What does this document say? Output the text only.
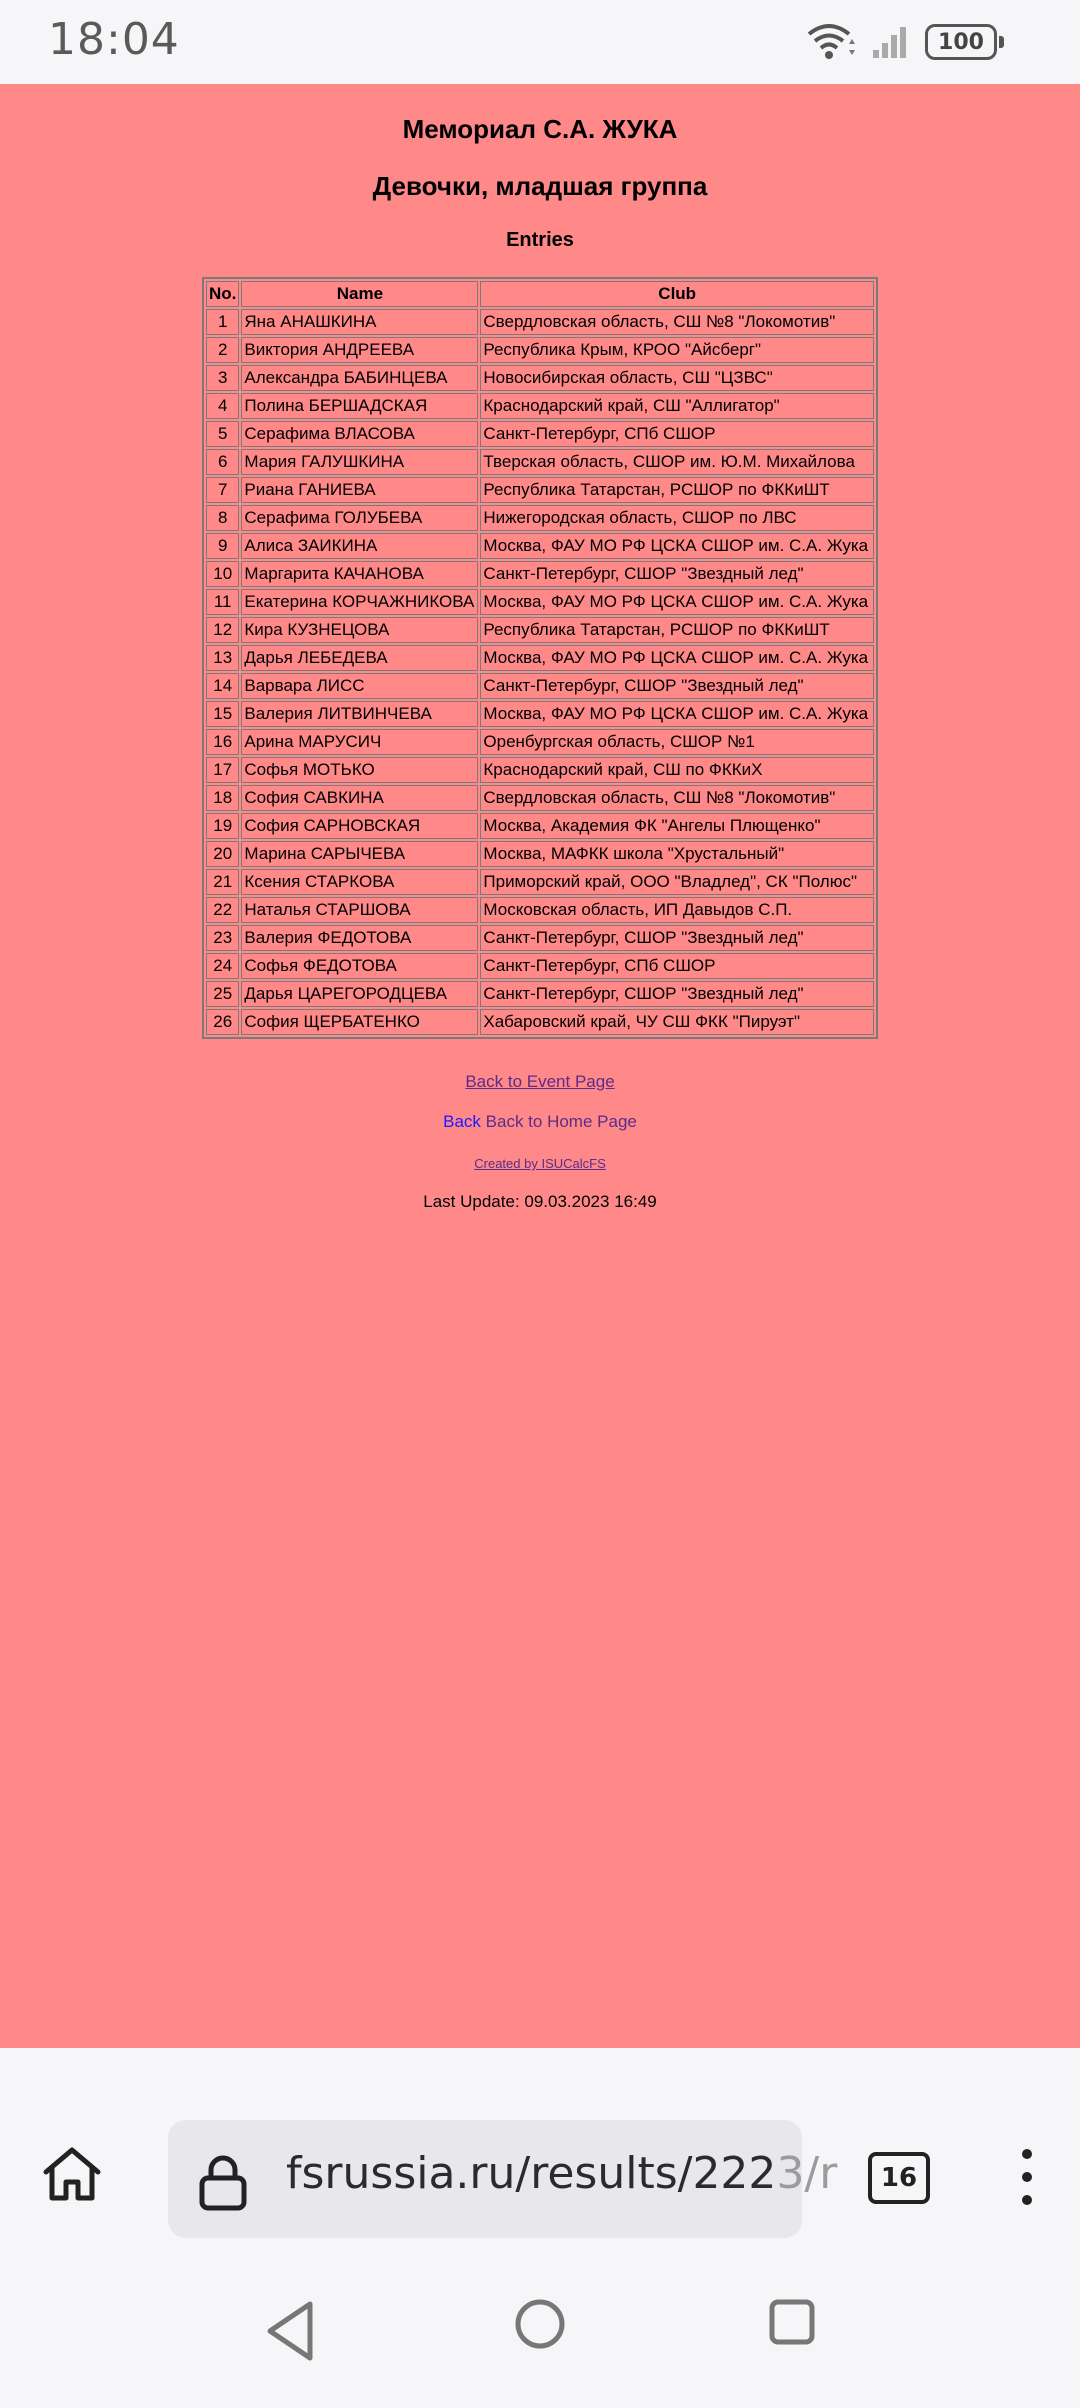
18:04	100
Мемориал С.А. ЖУКА
Девочки, младшая группа
Entries
No.	Name	Club
1	Яна АНАШКИНА	Свердловская область, СШ №8 "Локомотив"
2	Виктория АНДРЕЕВА	Республика Крым, КРОО "Айсберг"
3	Александра БАБИНЦЕВА	Новосибирская область, СШ "ЦЗВС"
4	Полина БЕРШАДСКАЯ	Краснодарский край, СШ "Аллигатор"
5	Серафима ВЛАСОВА	Санкт-Петербург, СПб СШОР
6	Мария ГАЛУШКИНА	Тверская область, СШОР им. Ю.М. Михайлова
7	Риана ГАНИЕВА	Республика Татарстан, РСШОР по ФККиШТ
8	Серафима ГОЛУБЕВА	Нижегородская область, СШОР по ЛВС
9	Алиса ЗАИКИНА	Москва, ФАУ МО РФ ЦСКА СШОР им. С.А. Жука
10	Маргарита КАЧАНОВА	Санкт-Петербург, СШОР "Звездный лед"
11	Екатерина КОРЧАЖНИКОВА	Москва, ФАУ МО РФ ЦСКА СШОР им. С.А. Жука
12	Кира КУЗНЕЦОВА	Республика Татарстан, РСШОР по ФККиШТ
13	Дарья ЛЕБЕДЕВА	Москва, ФАУ МО РФ ЦСКА СШОР им. С.А. Жука
14	Варвара ЛИСС	Санкт-Петербург, СШОР "Звездный лед"
15	Валерия ЛИТВИНЧЕВА	Москва, ФАУ МО РФ ЦСКА СШОР им. С.А. Жука
16	Арина МАРУСИЧ	Оренбургская область, СШОР №1
17	Софья МОТЬКО	Краснодарский край, СШ по ФККиХ
18	София САВКИНА	Свердловская область, СШ №8 "Локомотив"
19	София САРНОВСКАЯ	Москва, Академия ФК "Ангелы Плющенко"
20	Марина САРЫЧЕВА	Москва, МАФКК школа "Хрустальный"
21	Ксения СТАРКОВА	Приморский край, ООО "Владлед", СК "Полюс"
22	Наталья СТАРШОВА	Московская область, ИП Давыдов С.П.
23	Валерия ФЕДОТОВА	Санкт-Петербург, СШОР "Звездный лед"
24	Софья ФЕДОТОВА	Санкт-Петербург, СПб СШОР
25	Дарья ЦАРЕГОРОДЦЕВА	Санкт-Петербург, СШОР "Звездный лед"
26	София ЩЕРБАТЕНКО	Хабаровский край, ЧУ СШ ФКК "Пируэт"
Back to Event Page
Back Back to Home Page
Created by ISUCalcFS
Last Update: 09.03.2023 16:49
fsrussia.ru/results/2223/r	16
